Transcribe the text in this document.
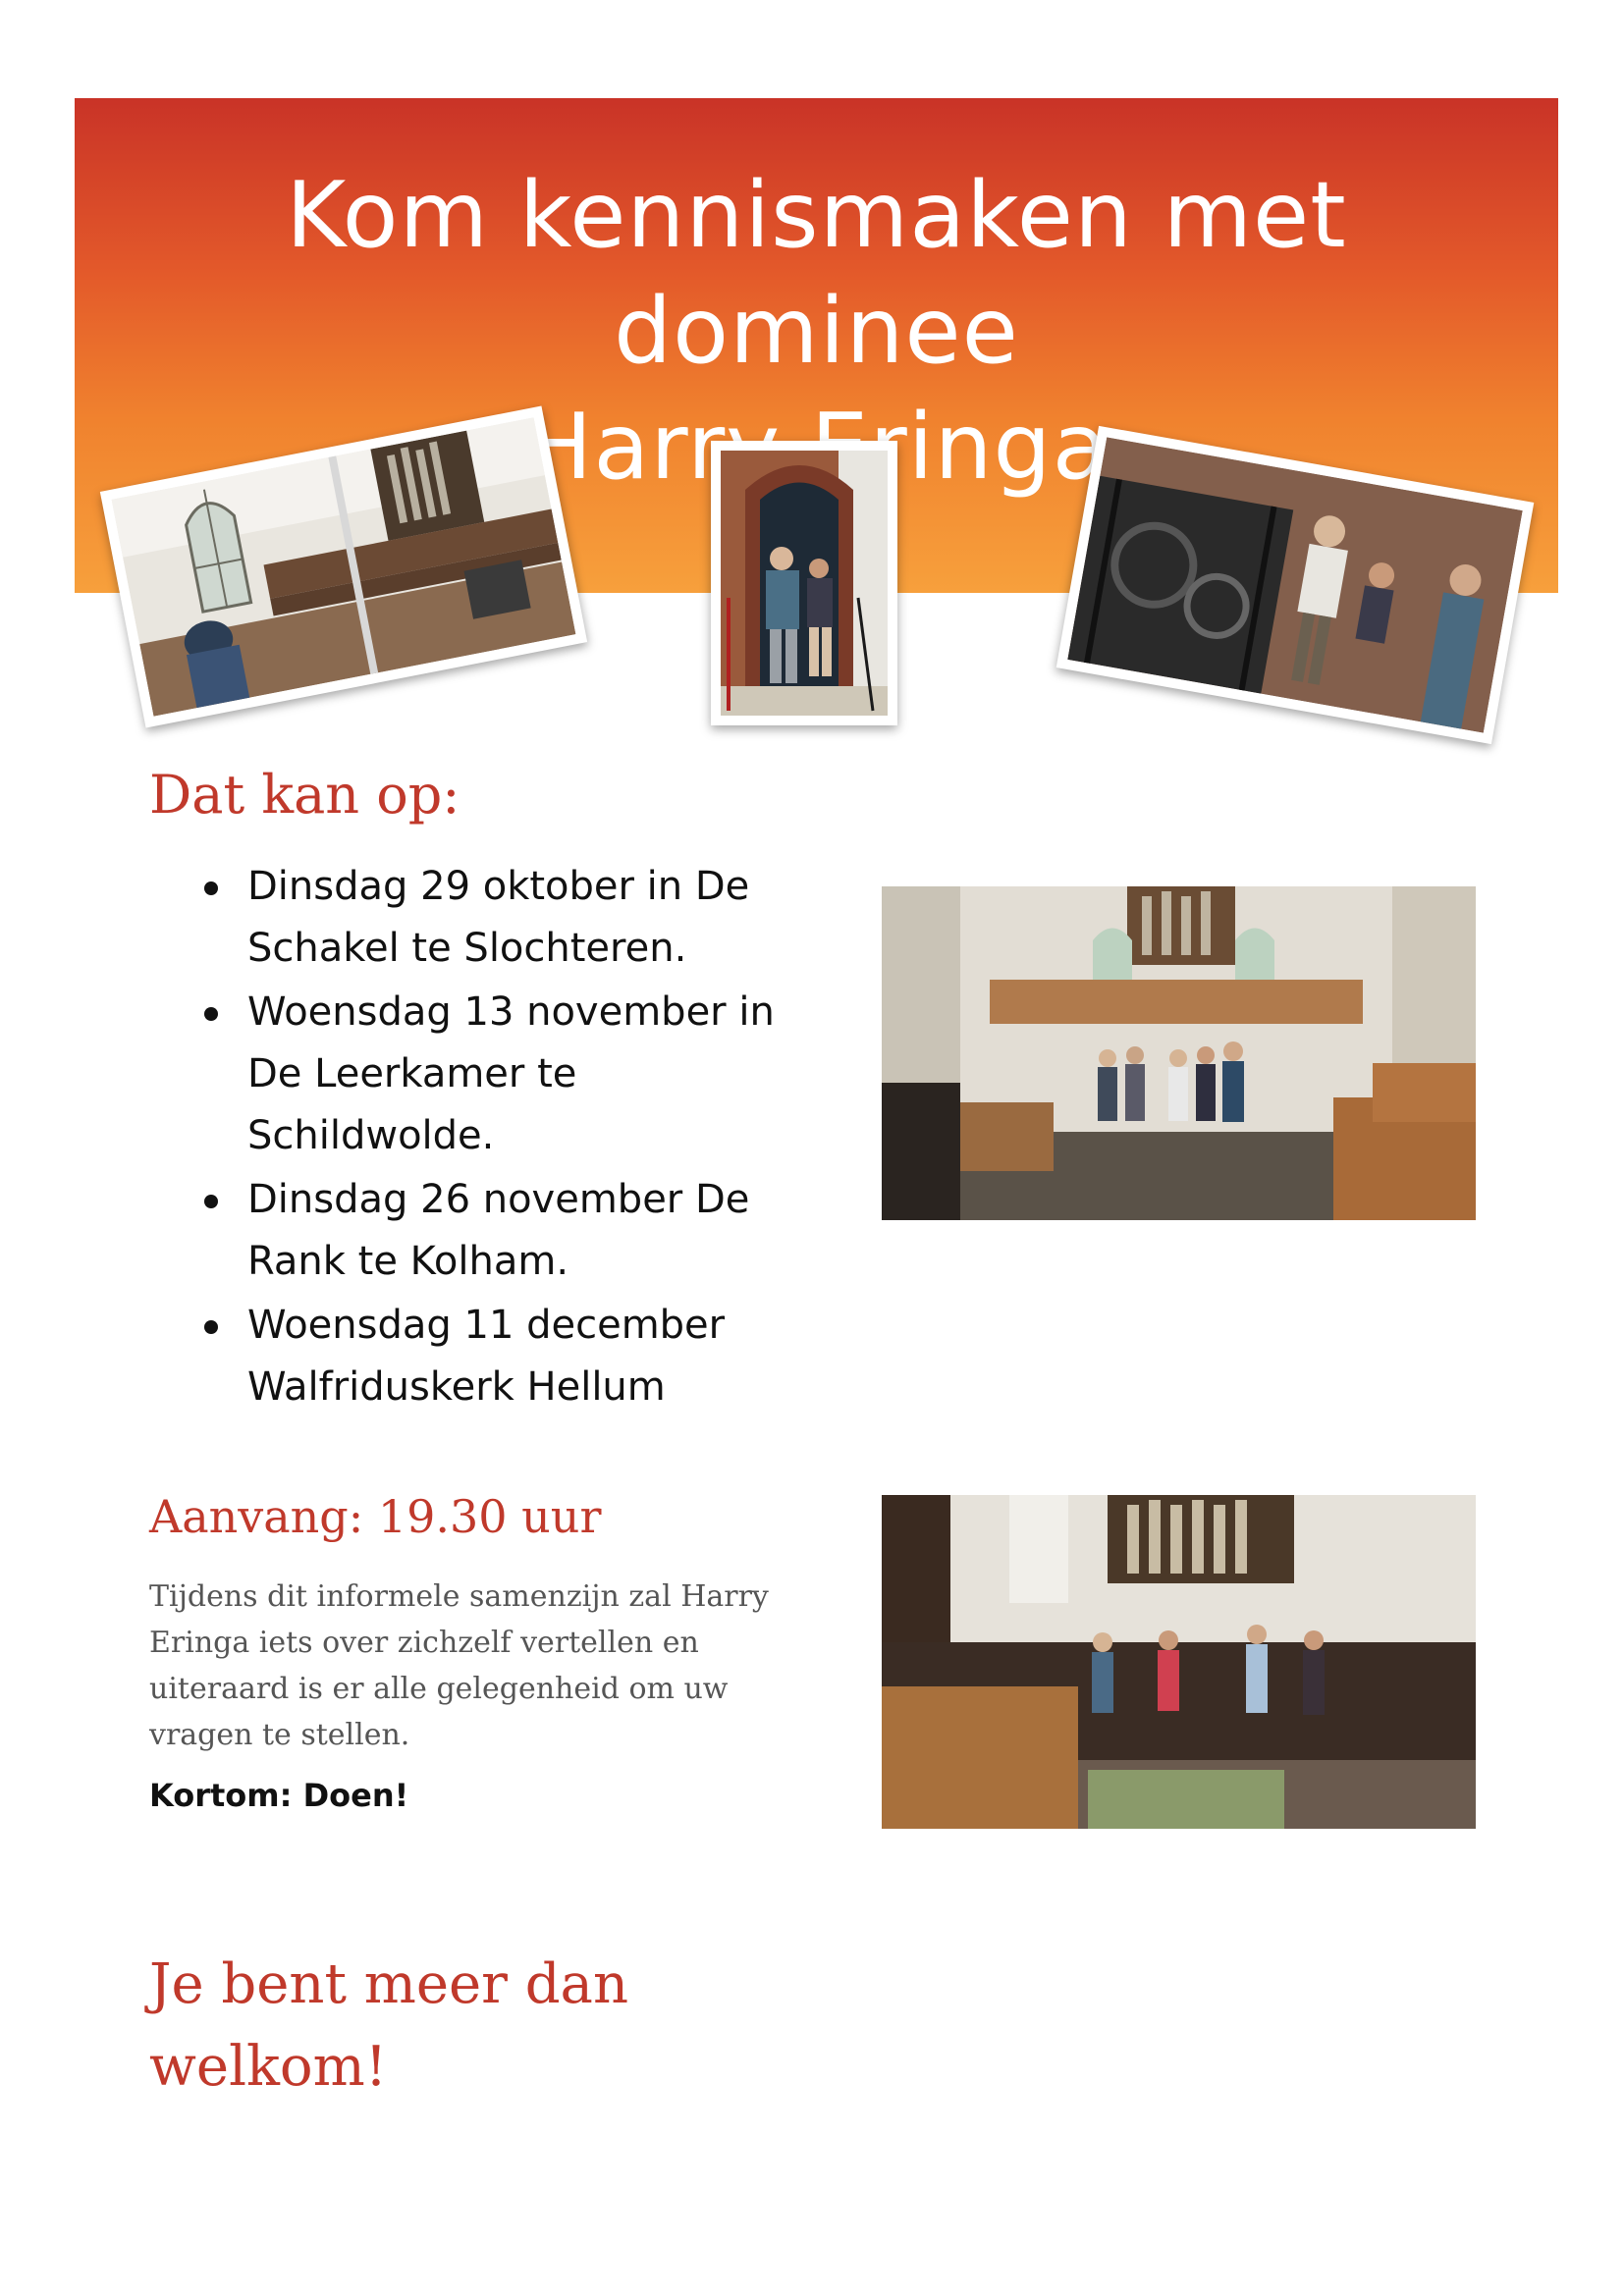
Kom kennismaken met dominee
Harry Eringa
Dat kan op:
Dinsdag 29 oktober in De Schakel te Slochteren.
Woensdag 13 november in De Leerkamer te Schildwolde.
Dinsdag 26 november De Rank te Kolham.
Woensdag 11 december Walfriduskerk Hellum
Aanvang: 19.30 uur

Tijdens dit informele samenzijn zal Harry Eringa iets over zichzelf vertellen en uiteraard is er alle gelegenheid om uw vragen te stellen.

Kortom: Doen!

Je bent meer dan welkom!
